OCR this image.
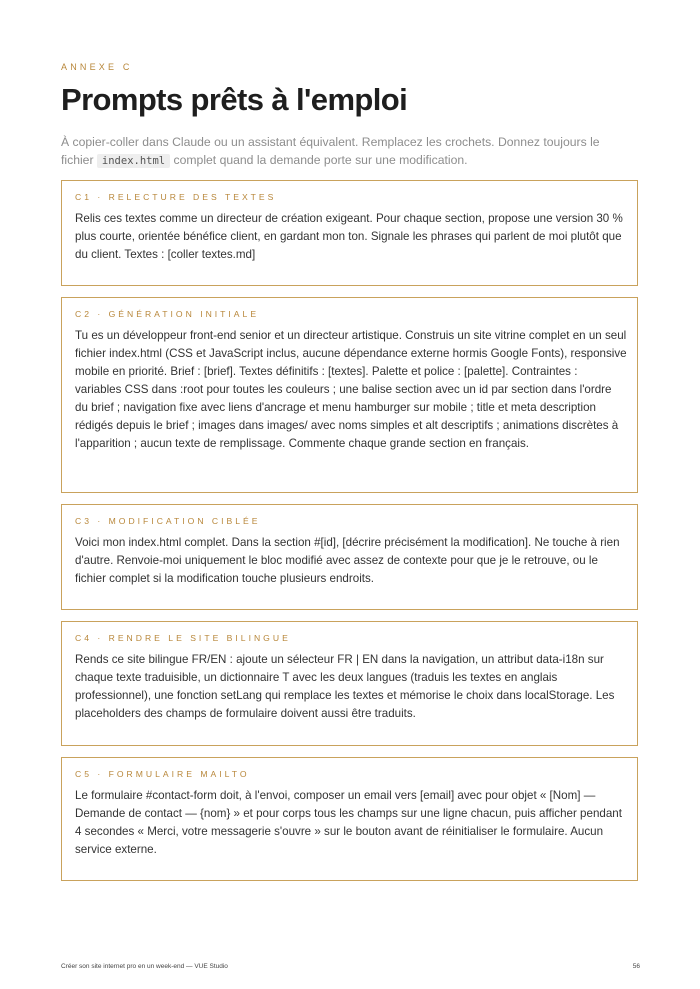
ANNEXE C
Prompts prêts à l'emploi
À copier-coller dans Claude ou un assistant équivalent. Remplacez les crochets. Donnez toujours le fichier index.html complet quand la demande porte sur une modification.
C1 · RELECTURE DES TEXTES
Relis ces textes comme un directeur de création exigeant. Pour chaque section, propose une version 30 % plus courte, orientée bénéfice client, en gardant mon ton. Signale les phrases qui parlent de moi plutôt que du client. Textes : [coller textes.md]
C2 · GÉNÉRATION INITIALE
Tu es un développeur front-end senior et un directeur artistique. Construis un site vitrine complet en un seul fichier index.html (CSS et JavaScript inclus, aucune dépendance externe hormis Google Fonts), responsive mobile en priorité. Brief : [brief]. Textes définitifs : [textes]. Palette et police : [palette]. Contraintes : variables CSS dans :root pour toutes les couleurs ; une balise section avec un id par section dans l'ordre du brief ; navigation fixe avec liens d'ancrage et menu hamburger sur mobile ; title et meta description rédigés depuis le brief ; images dans images/ avec noms simples et alt descriptifs ; animations discrètes à l'apparition ; aucun texte de remplissage. Commente chaque grande section en français.
C3 · MODIFICATION CIBLÉE
Voici mon index.html complet. Dans la section #[id], [décrire précisément la modification]. Ne touche à rien d'autre. Renvoie-moi uniquement le bloc modifié avec assez de contexte pour que je le retrouve, ou le fichier complet si la modification touche plusieurs endroits.
C4 · RENDRE LE SITE BILINGUE
Rends ce site bilingue FR/EN : ajoute un sélecteur FR | EN dans la navigation, un attribut data-i18n sur chaque texte traduisible, un dictionnaire T avec les deux langues (traduis les textes en anglais professionnel), une fonction setLang qui remplace les textes et mémorise le choix dans localStorage. Les placeholders des champs de formulaire doivent aussi être traduits.
C5 · FORMULAIRE MAILTO
Le formulaire #contact-form doit, à l'envoi, composer un email vers [email] avec pour objet « [Nom] — Demande de contact — {nom} » et pour corps tous les champs sur une ligne chacun, puis afficher pendant 4 secondes « Merci, votre messagerie s'ouvre » sur le bouton avant de réinitialiser le formulaire. Aucun service externe.
Créer son site internet pro en un week-end — VUE Studio	56
